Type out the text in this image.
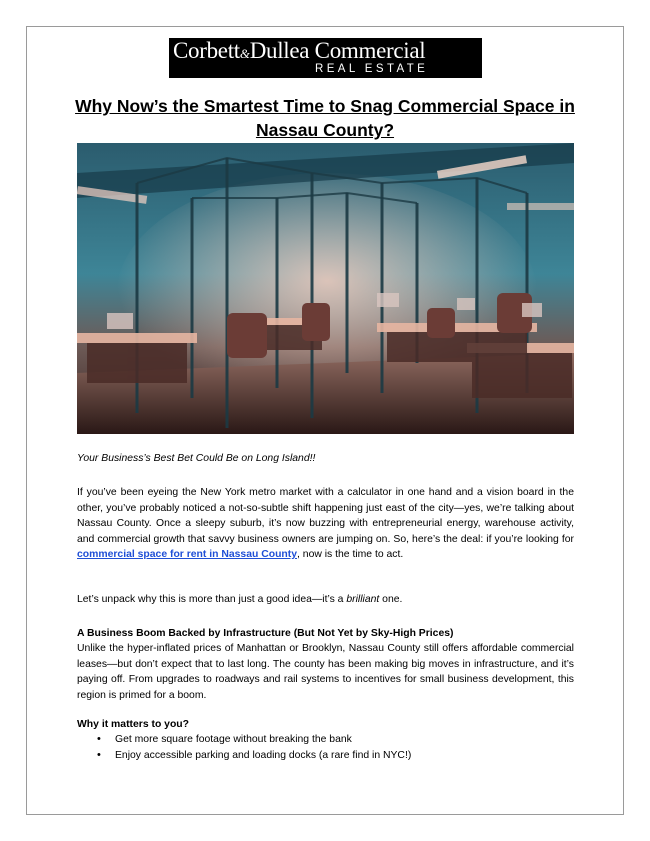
Corbett&Dullea Commercial
REAL ESTATE
Why Now’s the Smartest Time to Snag Commercial Space in Nassau County?

Your Business’s Best Bet Could Be on Long Island!!

If you’ve been eyeing the New York metro market with a calculator in one hand and a vision board in the other, you’ve probably noticed a not-so-subtle shift happening just east of the city—yes, we’re talking about Nassau County. Once a sleepy suburb, it’s now buzzing with entrepreneurial energy, warehouse activity, and commercial growth that savvy business owners are jumping on. So, here’s the deal: if you’re looking for commercial space for rent in Nassau County, now is the time to act.

Let’s unpack why this is more than just a good idea—it’s a brilliant one.

A Business Boom Backed by Infrastructure (But Not Yet by Sky-High Prices)

Unlike the hyper-inflated prices of Manhattan or Brooklyn, Nassau County still offers affordable commercial leases—but don’t expect that to last long. The county has been making big moves in infrastructure, and it’s paying off. From upgrades to roadways and rail systems to incentives for small business development, this region is primed for a boom.

Why it matters to you?

• Get more square footage without breaking the bank
• Enjoy accessible parking and loading docks (a rare find in NYC!)
